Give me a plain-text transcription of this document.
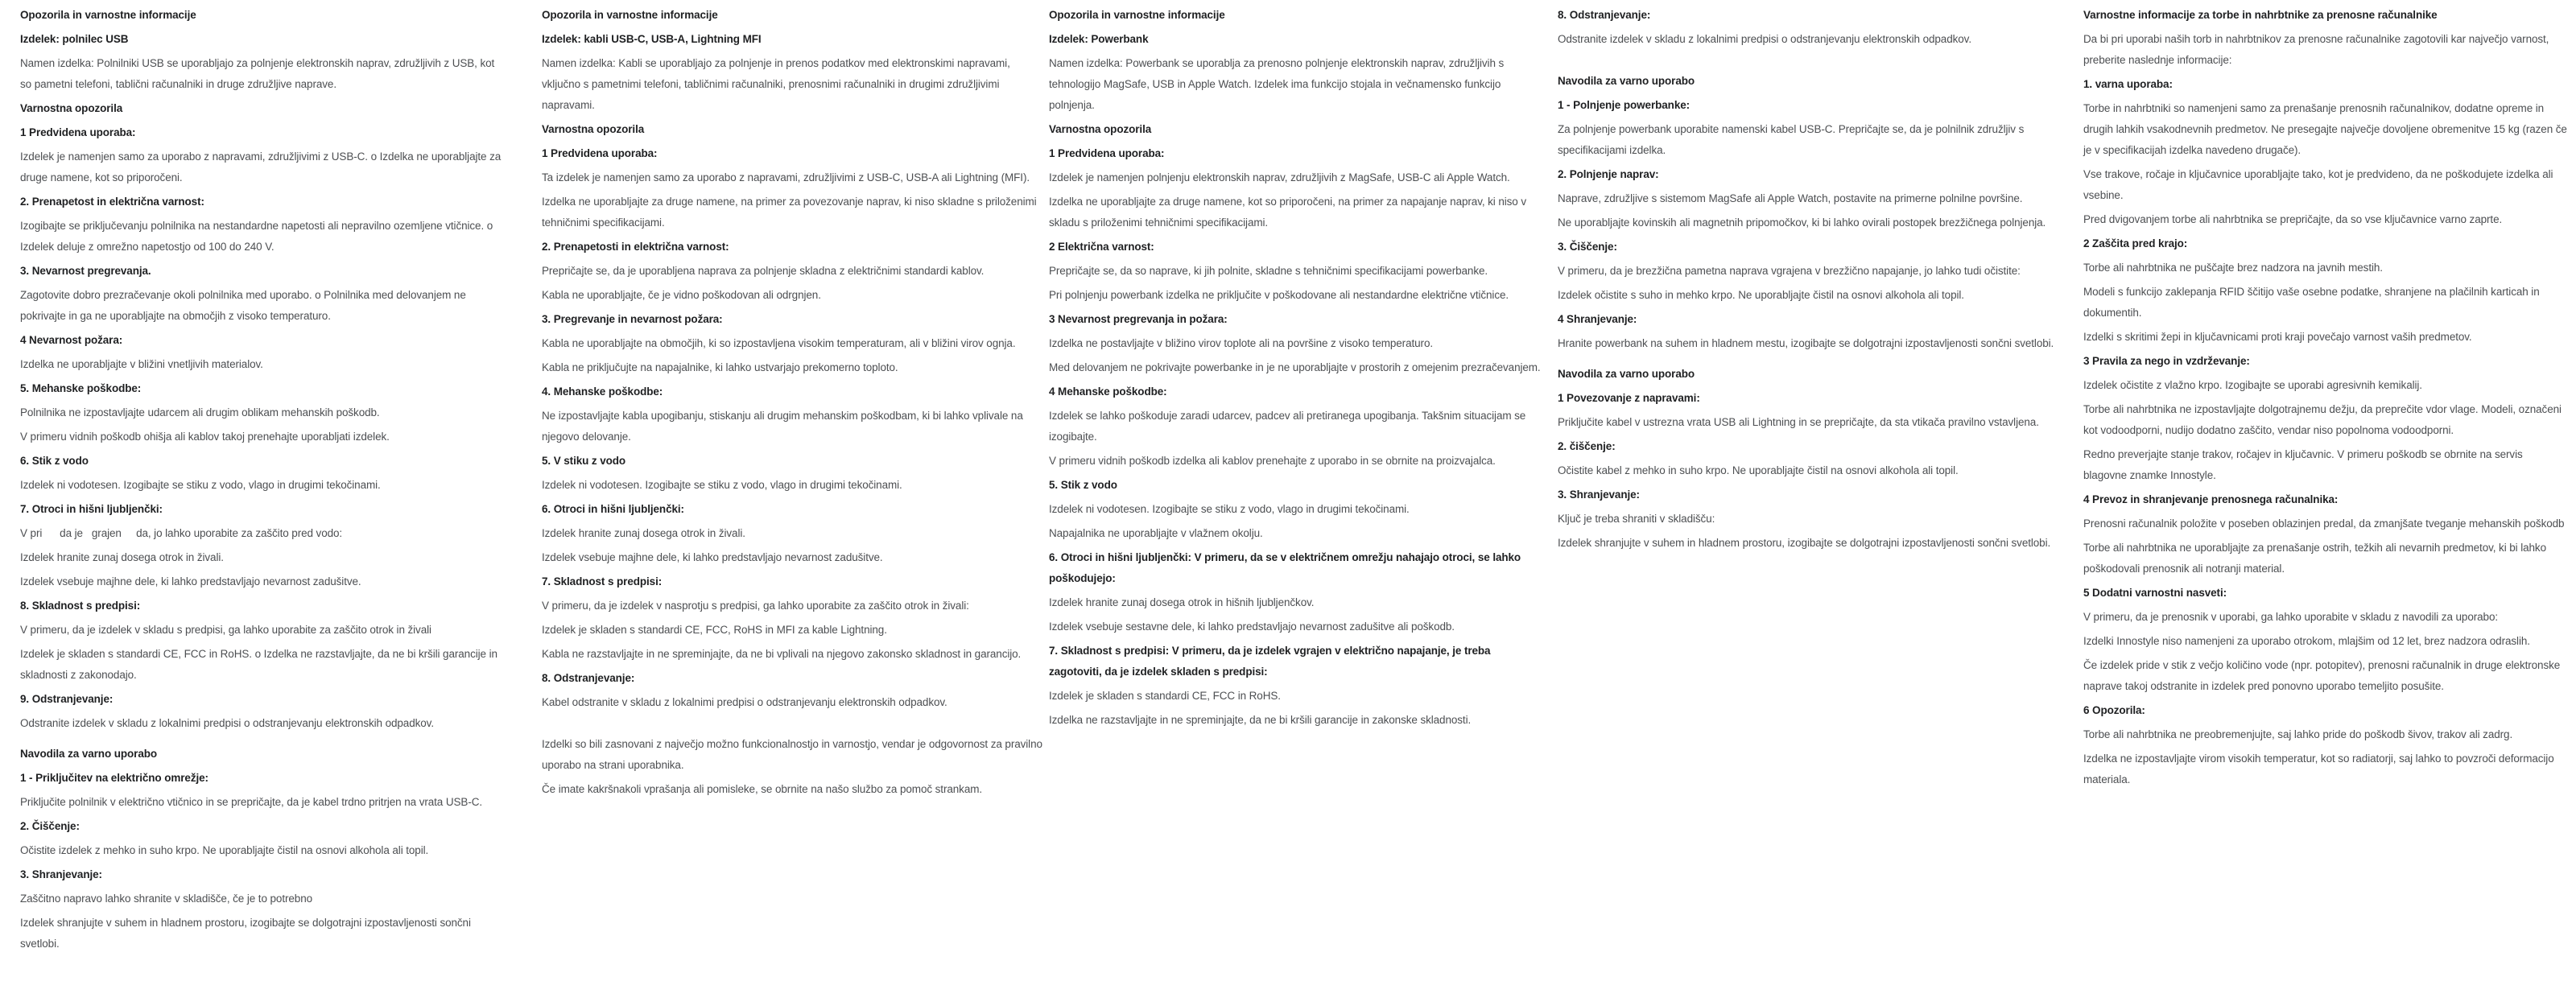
Opozorila in varnostne informacije
Izdelek: polnilec USB
Namen izdelka: Polnilniki USB se uporabljajo za polnjenje elektronskih naprav, združljivih z USB, kot so pametni telefoni, tablični računalniki in druge združljive naprave.
Varnostna opozorila
1 Predvidena uporaba:
Izdelek je namenjen samo za uporabo z napravami, združljivimi z USB-C. o Izdelka ne uporabljajte za druge namene, kot so priporočeni.
2. Prenapetost in električna varnost:
Izogibajte se priključevanju polnilnika na nestandardne napetosti ali nepravilno ozemljene vtičnice. o Izdelek deluje z omrežno napetostjo od 100 do 240 V.
3. Nevarnost pregrevanja.
Zagotovite dobro prezračevanje okoli polnilnika med uporabo. o Polnilnika med delovanjem ne pokrivajte in ga ne uporabljajte na območjih z visoko temperaturo.
4 Nevarnost požara:
Izdelka ne uporabljajte v bližini vnetljivih materialov.
5. Mehanske poškodbe:
Polnilnika ne izpostavljajte udarcem ali drugim oblikam mehanskih poškodb.
V primeru vidnih poškodb ohišja ali kablov takoj prenehajte uporabljati izdelek.
6. Stik z vodo
Izdelek ni vodotesen. Izogibajte se stiku z vodo, vlago in drugimi tekočinami.
7. Otroci in hišni ljubljenčki:
V pri      da je   grajen     da, jo lahko uporabite za zaščito pred vodo:
Izdelek hranite zunaj dosega otrok in živali.
Izdelek vsebuje majhne dele, ki lahko predstavljajo nevarnost zadušitve.
8. Skladnost s predpisi:
V primeru, da je izdelek v skladu s predpisi, ga lahko uporabite za zaščito otrok in živali
Izdelek je skladen s standardi CE, FCC in RoHS. o Izdelka ne razstavljajte, da ne bi kršili garancije in skladnosti z zakonodajo.
9. Odstranjevanje:
Odstranite izdelek v skladu z lokalnimi predpisi o odstranjevanju elektronskih odpadkov.
Navodila za varno uporabo
1 - Priključitev na električno omrežje:
Priključite polnilnik v električno vtičnico in se prepričajte, da je kabel trdno pritrjen na vrata USB-C.
2. Čiščenje:
Očistite izdelek z mehko in suho krpo. Ne uporabljajte čistil na osnovi alkohola ali topil.
3. Shranjevanje:
Zaščitno napravo lahko shranite v skladišče, če je to potrebno
Izdelek shranjujte v suhem in hladnem prostoru, izogibajte se dolgotrajni izpostavljenosti sončni svetlobi.
Opozorila in varnostne informacije
Izdelek: kabli USB-C, USB-A, Lightning MFI
Namen izdelka: Kabli se uporabljajo za polnjenje in prenos podatkov med elektronskimi napravami, vključno s pametnimi telefoni, tabličnimi računalniki, prenosnimi računalniki in drugimi združljivimi napravami.
Varnostna opozorila
1 Predvidena uporaba:
Ta izdelek je namenjen samo za uporabo z napravami, združljivimi z USB-C, USB-A ali Lightning (MFI).
Izdelka ne uporabljajte za druge namene, na primer za povezovanje naprav, ki niso skladne s priloženimi tehničnimi specifikacijami.
2. Prenapetosti in električna varnost:
Prepričajte se, da je uporabljena naprava za polnjenje skladna z električnimi standardi kablov.
Kabla ne uporabljajte, če je vidno poškodovan ali odrgnjen.
3. Pregrevanje in nevarnost požara:
Kabla ne uporabljajte na območjih, ki so izpostavljena visokim temperaturam, ali v bližini virov ognja.
Kabla ne priključujte na napajalnike, ki lahko ustvarjajo prekomerno toploto.
4. Mehanske poškodbe:
Ne izpostavljajte kabla upogibanju, stiskanju ali drugim mehanskim poškodbam, ki bi lahko vplivale na njegovo delovanje.
5. V stiku z vodo
Izdelek ni vodotesen. Izogibajte se stiku z vodo, vlago in drugimi tekočinami.
6. Otroci in hišni ljubljenčki:
Izdelek hranite zunaj dosega otrok in živali.
Izdelek vsebuje majhne dele, ki lahko predstavljajo nevarnost zadušitve.
7. Skladnost s predpisi:
V primeru, da je izdelek v nasprotju s predpisi, ga lahko uporabite za zaščito otrok in živali:
Izdelek je skladen s standardi CE, FCC, RoHS in MFI za kable Lightning.
Kabla ne razstavljajte in ne spreminjajte, da ne bi vplivali na njegovo zakonsko skladnost in garancijo.
8. Odstranjevanje:
Kabel odstranite v skladu z lokalnimi predpisi o odstranjevanju elektronskih odpadkov.
Izdelki so bili zasnovani z največjo možno funkcionalnostjo in varnostjo, vendar je odgovornost za pravilno uporabo na strani uporabnika.
Če imate kakršnakoli vprašanja ali pomisleke, se obrnite na našo službo za pomoč strankam.
Opozorila in varnostne informacije
Izdelek: Powerbank
Namen izdelka: Powerbank se uporablja za prenosno polnjenje elektronskih naprav, združljivih s tehnologijo MagSafe, USB in Apple Watch. Izdelek ima funkcijo stojala in večnamensko funkcijo polnjenja.
Varnostna opozorila
1 Predvidena uporaba:
Izdelek je namenjen polnjenju elektronskih naprav, združljivih z MagSafe, USB-C ali Apple Watch.
Izdelka ne uporabljajte za druge namene, kot so priporočeni, na primer za napajanje naprav, ki niso v skladu s priloženimi tehničnimi specifikacijami.
2 Električna varnost:
Prepričajte se, da so naprave, ki jih polnite, skladne s tehničnimi specifikacijami powerbanke.
Pri polnjenju powerbank izdelka ne priključite v poškodovane ali nestandardne električne vtičnice.
3 Nevarnost pregrevanja in požara:
Izdelka ne postavljajte v bližino virov toplote ali na površine z visoko temperaturo.
Med delovanjem ne pokrivajte powerbanke in je ne uporabljajte v prostorih z omejenim prezračevanjem.
4 Mehanske poškodbe:
Izdelek se lahko poškoduje zaradi udarcev, padcev ali pretiranega upogibanja. Takšnim situacijam se izogibajte.
V primeru vidnih poškodb izdelka ali kablov prenehajte z uporabo in se obrnite na proizvajalca.
5. Stik z vodo
Izdelek ni vodotesen. Izogibajte se stiku z vodo, vlago in drugimi tekočinami.
Napajalnika ne uporabljajte v vlažnem okolju.
6. Otroci in hišni ljubljenčki: V primeru, da se v električnem omrežju nahajajo otroci, se lahko poškodujejo:
Izdelek hranite zunaj dosega otrok in hišnih ljubljenčkov.
Izdelek vsebuje sestavne dele, ki lahko predstavljajo nevarnost zadušitve ali poškodb.
7. Skladnost s predpisi: V primeru, da je izdelek vgrajen v električno napajanje, je treba zagotoviti, da je izdelek skladen s predpisi:
Izdelek je skladen s standardi CE, FCC in RoHS.
Izdelka ne razstavljajte in ne spreminjajte, da ne bi kršili garancije in zakonske skladnosti.
8. Odstranjevanje:
Odstranite izdelek v skladu z lokalnimi predpisi o odstranjevanju elektronskih odpadkov.
Navodila za varno uporabo
1 - Polnjenje powerbanke:
Za polnjenje powerbank uporabite namenski kabel USB-C. Prepričajte se, da je polnilnik združljiv s specifikacijami izdelka.
2. Polnjenje naprav:
Naprave, združljive s sistemom MagSafe ali Apple Watch, postavite na primerne polnilne površine.
Ne uporabljajte kovinskih ali magnetnih pripomočkov, ki bi lahko ovirali postopek brezžičnega polnjenja.
3. Čiščenje:
V primeru, da je brezžična pametna naprava vgrajena v brezžično napajanje, jo lahko tudi očistite:
Izdelek očistite s suho in mehko krpo. Ne uporabljajte čistil na osnovi alkohola ali topil.
4 Shranjevanje:
Hranite powerbank na suhem in hladnem mestu, izogibajte se dolgotrajni izpostavljenosti sončni svetlobi.
Navodila za varno uporabo
1 Povezovanje z napravami:
Priključite kabel v ustrezna vrata USB ali Lightning in se prepričajte, da sta vtikača pravilno vstavljena.
2. čiščenje:
Očistite kabel z mehko in suho krpo. Ne uporabljajte čistil na osnovi alkohola ali topil.
3. Shranjevanje:
Ključ je treba shraniti v skladišču:
Izdelek shranjujte v suhem in hladnem prostoru, izogibajte se dolgotrajni izpostavljenosti sončni svetlobi.
Varnostne informacije za torbe in nahrbtnike za prenosne računalnike
Da bi pri uporabi naših torb in nahrbtnikov za prenosne računalnike zagotovili kar največjo varnost, preberite naslednje informacije:
1. varna uporaba:
Torbe in nahrbtniki so namenjeni samo za prenašanje prenosnih računalnikov, dodatne opreme in drugih lahkih vsakodnevnih predmetov. Ne presegajte največje dovoljene obremenitve 15 kg (razen če je v specifikacijah izdelka navedeno drugače).
Vse trakove, ročaje in ključavnice uporabljajte tako, kot je predvideno, da ne poškodujete izdelka ali vsebine.
Pred dvigovanjem torbe ali nahrbtnika se prepričajte, da so vse ključavnice varno zaprte.
2 Zaščita pred krajo:
Torbe ali nahrbtnika ne puščajte brez nadzora na javnih mestih.
Modeli s funkcijo zaklepanja RFID ščitijo vaše osebne podatke, shranjene na plačilnih karticah in dokumentih.
Izdelki s skritimi žepi in ključavnicami proti kraji povečajo varnost vaših predmetov.
3 Pravila za nego in vzdrževanje:
Izdelek očistite z vlažno krpo. Izogibajte se uporabi agresivnih kemikalij.
Torbe ali nahrbtnika ne izpostavljajte dolgotrajnemu dežju, da preprečite vdor vlage. Modeli, označeni kot vodoodporni, nudijo dodatno zaščito, vendar niso popolnoma vodoodporni.
Redno preverjajte stanje trakov, ročajev in ključavnic. V primeru poškodb se obrnite na servis blagovne znamke Innostyle.
4 Prevoz in shranjevanje prenosnega računalnika:
Prenosni računalnik položite v poseben oblazinjen predal, da zmanjšate tveganje mehanskih poškodb
Torbe ali nahrbtnika ne uporabljajte za prenašanje ostrih, težkih ali nevarnih predmetov, ki bi lahko poškodovali prenosnik ali notranji material.
5 Dodatni varnostni nasveti:
V primeru, da je prenosnik v uporabi, ga lahko uporabite v skladu z navodili za uporabo:
Izdelki Innostyle niso namenjeni za uporabo otrokom, mlajšim od 12 let, brez nadzora odraslih.
Če izdelek pride v stik z večjo količino vode (npr. potopitev), prenosni računalnik in druge elektronske naprave takoj odstranite in izdelek pred ponovno uporabo temeljito posušite.
6 Opozorila:
Torbe ali nahrbtnika ne preobremenjujte, saj lahko pride do poškodb šivov, trakov ali zadrg.
Izdelka ne izpostavljajte virom visokih temperatur, kot so radiatorji, saj lahko to povzroči deformacijo materiala.
